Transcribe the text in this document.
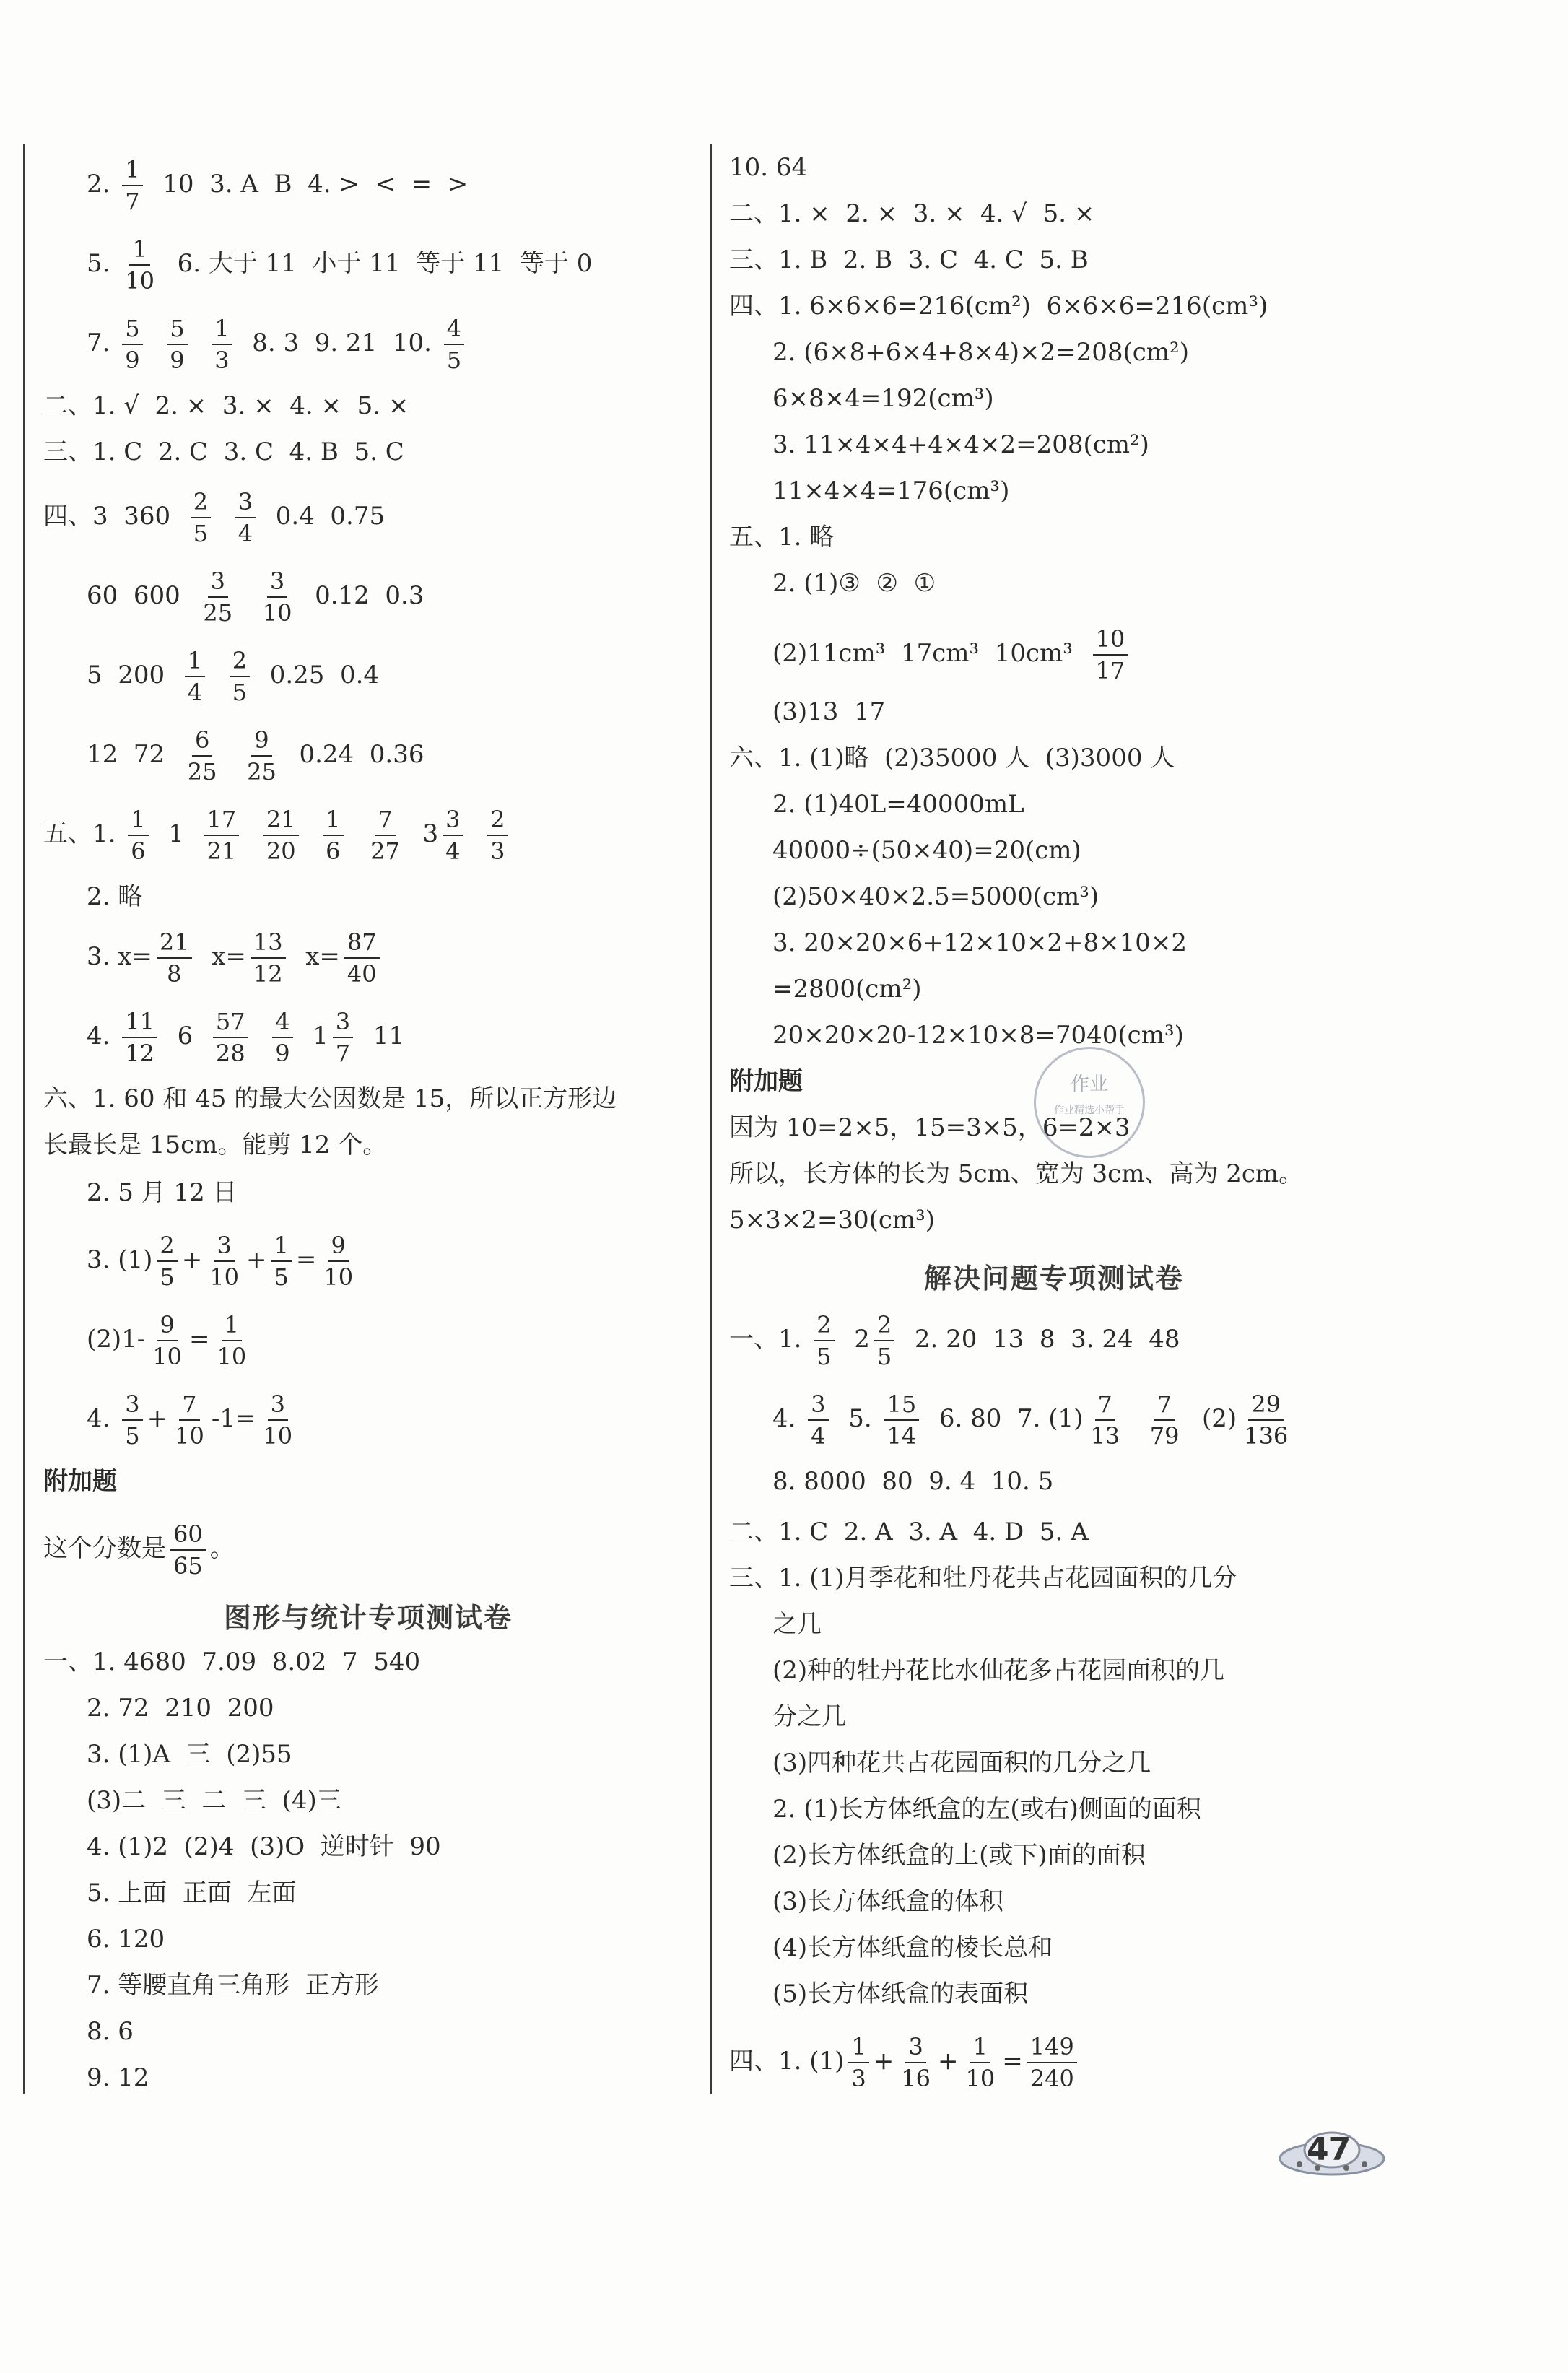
2. $\frac{1}{7} 10$  3. A  B  4. >  <  =  >
5. $\frac{1}{10} 6$. 大于 11  小于 11  等于 11  等于 0
7. $\frac{5}{9}$
$\frac{5}{9}$
$\frac{1}{3} 8$. 3  9. 21  10. $\frac{4}{5}$
二、1. √  2. ×  3. ×  4. ×  5. ×
三、1. C  2. C  3. C  4. B  5. C
四、3  $360 \frac{2}{5}$
$\frac{3}{4} 0.4$  0.75
60  $600 \frac{3}{25}$
$\frac{3}{10} 0.12$  0.3
5  $200 \frac{1}{4}$
$\frac{2}{5} 0.25$  0.4
12  $72 \frac{6}{25}$
$\frac{9}{25} 0.24$  0.36
五、1. $\frac{1}{6} 1 \frac{17}{21}$
$\frac{21}{20}$
$\frac{1}{6}$
$\frac{7}{27} 3 \frac{3}{4}$
$\frac{2}{3}$
2. 略
3. $x= \frac{21}{8} x= \frac{13}{12} x= \frac{87}{40}$
4. $\frac{11}{12} 6 \frac{57}{28}$
$\frac{4}{9} 1 \frac{3}{7} 11$
六、1. 60 和 45 的最大公因数是 15，所以正方形边
长最长是 15cm。能剪 12 个。
2. 5 月 12 日
3. $(1) \frac{2}{5} + \frac{3}{10} + \frac{1}{5} = \frac{9}{10}$
$(2)1- \frac{9}{10} = \frac{1}{10}$
4. $\frac{3}{5} + \frac{7}{10} -1= \frac{3}{10}$
附加题
这个分数是 $\frac{60}{65}$ 。
图形与统计专项测试卷
一、1. 4680  7.09  8.02  7  540
2. 72  210  200
3. (1)A  三  (2)55
(3)二  三  二  三  (4)三
4. (1)2  (2)4  (3)O  逆时针  90
5. 上面  正面  左面
6. 120
7. 等腰直角三角形  正方形
8. 6
9. 12
10. 64
二、1. ×  2. ×  3. ×  4. √  5. ×
三、1. B  2. B  3. C  4. C  5. B
四、1. 6×6×6=216(cm²)  6×6×6=216(cm³)
2. (6×8+6×4+8×4)×2=208(cm²)
6×8×4=192(cm³)
3. 11×4×4+4×4×2=208(cm²)
11×4×4=176(cm³)
五、1. 略
2. (1)③  ②  ①
(2)11cm³  17cm³  $10cm^3 \frac{10}{17}$
(3)13  17
六、1. (1)略  (2)35000 人  (3)3000 人
2. (1)40L=40000mL
40000÷(50×40)=20(cm)
(2)50×40×2.5=5000(cm³)
3. 20×20×6+12×10×2+8×10×2
=2800(cm²)
20×20×20-12×10×8=7040(cm³)
附加题
因为 10=2×5，15=3×5，6=2×3
所以，长方体的长为 5cm、宽为 3cm、高为 2cm。
5×3×2=30(cm³)
解决问题专项测试卷
一、1. $\frac{2}{5} 2 \frac{2}{5} 2$. 20  13  8  3. 24  48
4. $\frac{3}{4} 5$. $\frac{15}{14} 6$. 80  7. $(1) \frac{7}{13}$
$\frac{7}{79} (2) \frac{29}{136}$
8. 8000  80  9. 4  10. 5
二、1. C  2. A  3. A  4. D  5. A
三、1. (1)月季花和牡丹花共占花园面积的几分
之几
(2)种的牡丹花比水仙花多占花园面积的几
分之几
(3)四种花共占花园面积的几分之几
2. (1)长方体纸盒的左(或右)侧面的面积
(2)长方体纸盒的上(或下)面的面积
(3)长方体纸盒的体积
(4)长方体纸盒的棱长总和
(5)长方体纸盒的表面积
四、1. $(1) \frac{1}{3} + \frac{3}{16} + \frac{1}{10} = \frac{149}{240}$
作业
作业精选小帮手
47
